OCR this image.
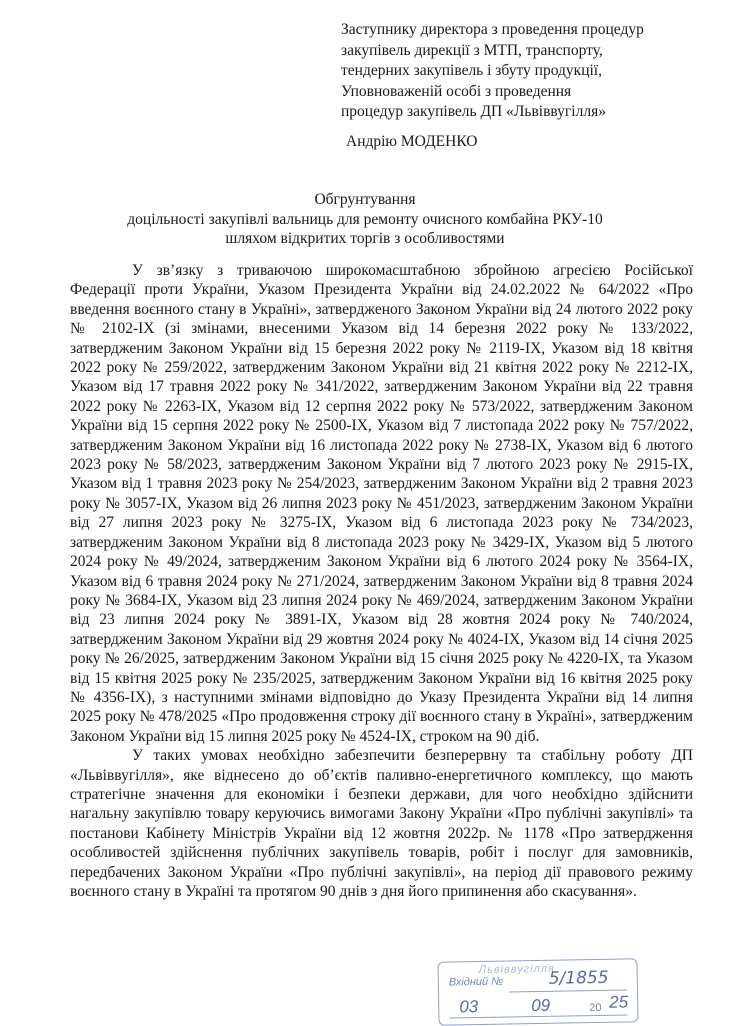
Заступнику директора з проведення процедур
закупівель дирекції з МТП, транспорту,
тендерних закупівель і збуту продукції,
Уповноваженій особі з проведення
процедур закупівель ДП «Львіввугілля»
Андрію МОДЕНКО
Обгрунтування
доцільності закупівлі вальниць для ремонту очисного комбайна РКУ-10
шляхом відкритих торгів з особливостями

У зв’язку з триваючою широкомасштабною збройною агресією Російської Федерації проти України, Указом Президента України від 24.02.2022 № 64/2022 «Про введення воєнного стану в Україні», затвердженого Законом України від 24 лютого 2022 року № 2102-IX (зі змінами, внесеними Указом від 14 березня 2022 року № 133/2022, затвердженим Законом України від 15 березня 2022 року № 2119-IX, Указом від 18 квітня 2022 року № 259/2022, затвердженим Законом України від 21 квітня 2022 року № 2212-IX, Указом від 17 травня 2022 року № 341/2022, затвердженим Законом України від 22 травня 2022 року № 2263-IX, Указом від 12 серпня 2022 року № 573/2022, затвердженим Законом України від 15 серпня 2022 року № 2500-IX, Указом від 7 листопада 2022 року № 757/2022, затвердженим Законом України від 16 листопада 2022 року № 2738-IX, Указом від 6 лютого 2023 року № 58/2023, затвердженим Законом України від 7 лютого 2023 року № 2915-IX, Указом від 1 травня 2023 року № 254/2023, затвердженим Законом України від 2 травня 2023 року № 3057-IX, Указом від 26 липня 2023 року № 451/2023, затвердженим Законом України від 27 липня 2023 року № 3275-IX, Указом від 6 листопада 2023 року № 734/2023, затвердженим Законом України від 8 листопада 2023 року № 3429-IX, Указом від 5 лютого 2024 року № 49/2024, затвердженим Законом України від 6 лютого 2024 року № 3564-IX, Указом від 6 травня 2024 року № 271/2024, затвердженим Законом України від 8 травня 2024 року № 3684-IX, Указом від 23 липня 2024 року № 469/2024, затвердженим Законом України від 23 липня 2024 року № 3891-IX, Указом від 28 жовтня 2024 року № 740/2024, затвердженим Законом України від 29 жовтня 2024 року № 4024-IX, Указом від 14 січня 2025 року № 26/2025, затвердженим Законом України від 15 січня 2025 року № 4220-IX, та Указом від 15 квітня 2025 року № 235/2025, затвердженим Законом України від 16 квітня 2025 року № 4356-IX), з наступними змінами відповідно до Указу Президента України від 14 липня 2025 року № 478/2025 «Про продовження строку дії воєнного стану в Україні», затвердженим Законом України від 15 липня 2025 року № 4524-IX, строком на 90 діб.

У таких умовах необхідно забезпечити безперервну та стабільну роботу ДП «Львіввугілля», яке віднесено до об’єктів паливно-енергетичного комплексу, що мають стратегічне значення для економіки і безпеки держави, для чого необхідно здійснити нагальну закупівлю товару керуючись вимогами Закону України «Про публічні закупівлі» та постанови Кабінету Міністрів України від 12 жовтня 2022р. № 1178 «Про затвердження особливостей здійснення публічних закупівель товарів, робіт і послуг для замовників, передбачених Законом України «Про публічні закупівлі», на період дії правового режиму воєнного стану в Україні та протягом 90 днів з дня його припинення або скасування».

Львіввугілля
Вхідний №	5/1855
03	09	20 25
